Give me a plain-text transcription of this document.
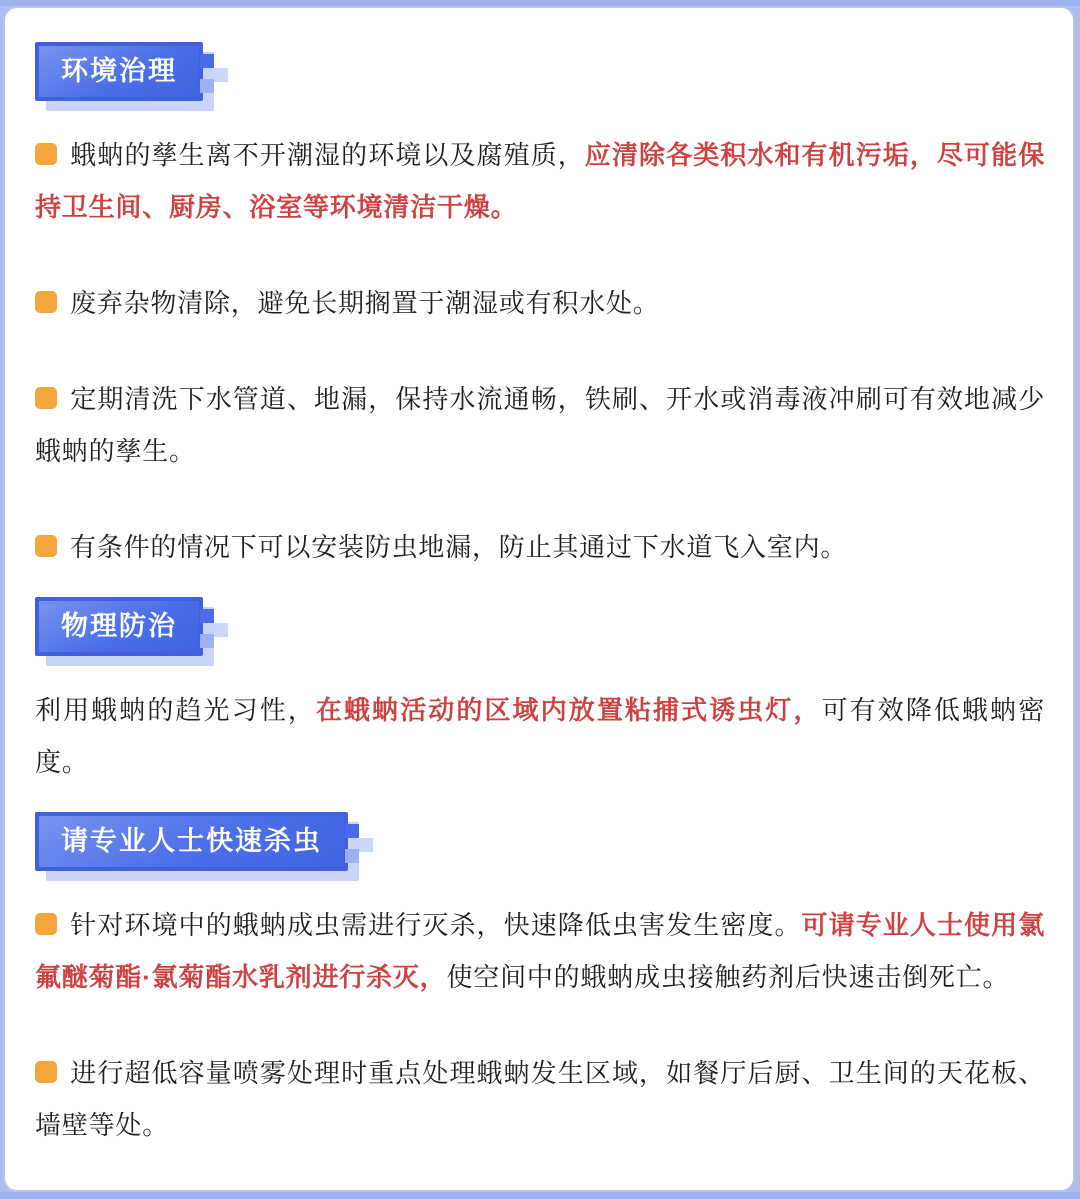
环境治理

蛾蚋的孳生离不开潮湿的环境以及腐殖质，应清除各类积水和有机污垢，尽可能保持卫生间、厨房、浴室等环境清洁干燥。

废弃杂物清除，避免长期搁置于潮湿或有积水处。

定期清洗下水管道、地漏，保持水流通畅，铁刷、开水或消毒液冲刷可有效地减少蛾蚋的孳生。

有条件的情况下可以安装防虫地漏，防止其通过下水道飞入室内。

物理防治

利用蛾蚋的趋光习性，在蛾蚋活动的区域内放置粘捕式诱虫灯，可有效降低蛾蚋密度。

请专业人士快速杀虫

针对环境中的蛾蚋成虫需进行灭杀，快速降低虫害发生密度。可请专业人士使用氯氟醚菊酯·氯菊酯水乳剂进行杀灭，使空间中的蛾蚋成虫接触药剂后快速击倒死亡。

进行超低容量喷雾处理时重点处理蛾蚋发生区域，如餐厅后厨、卫生间的天花板、墙壁等处。
